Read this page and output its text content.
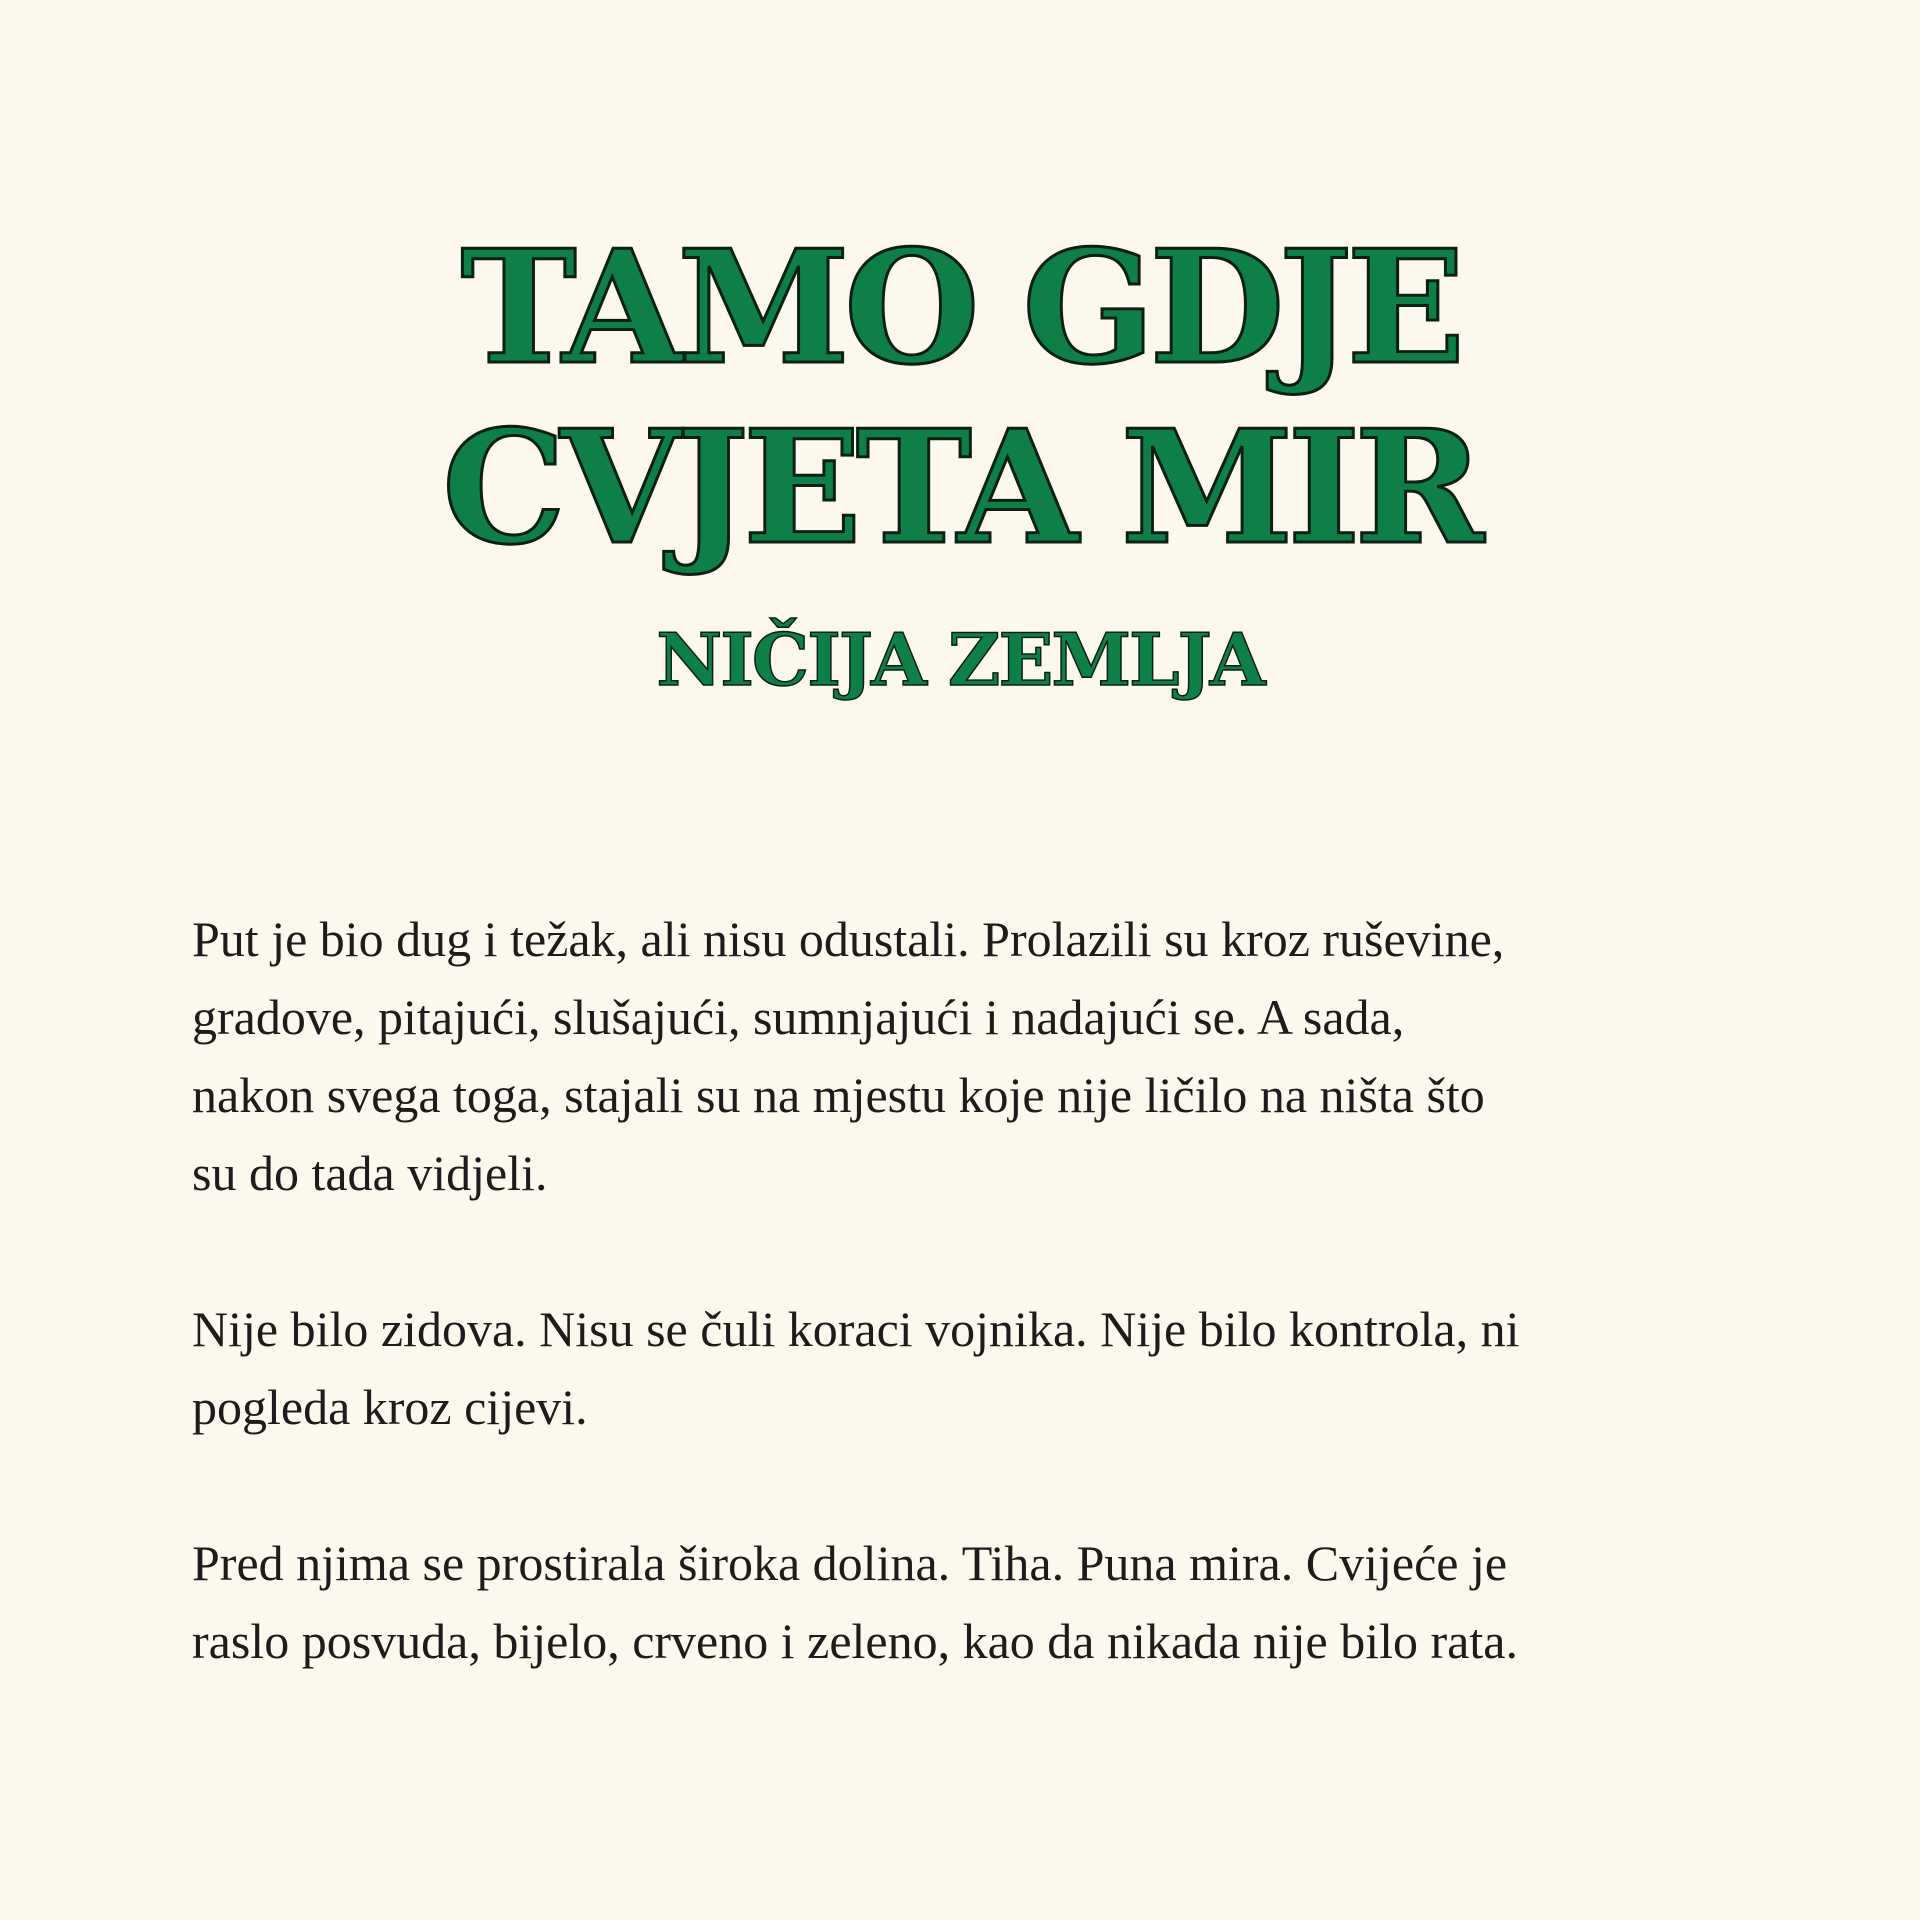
TAMO GDJE
CVJETA MIR
NIČIJA ZEMLJA

Put je bio dug i težak, ali nisu odustali. Prolazili su kroz ruševine,
gradove, pitajući, slušajući, sumnjajući i nadajući se. A sada,
nakon svega toga, stajali su na mjestu koje nije ličilo na ništa što
su do tada vidjeli.

Nije bilo zidova. Nisu se čuli koraci vojnika. Nije bilo kontrola, ni
pogleda kroz cijevi.

Pred njima se prostirala široka dolina. Tiha. Puna mira. Cvijeće je
raslo posvuda, bijelo, crveno i zeleno, kao da nikada nije bilo rata.
